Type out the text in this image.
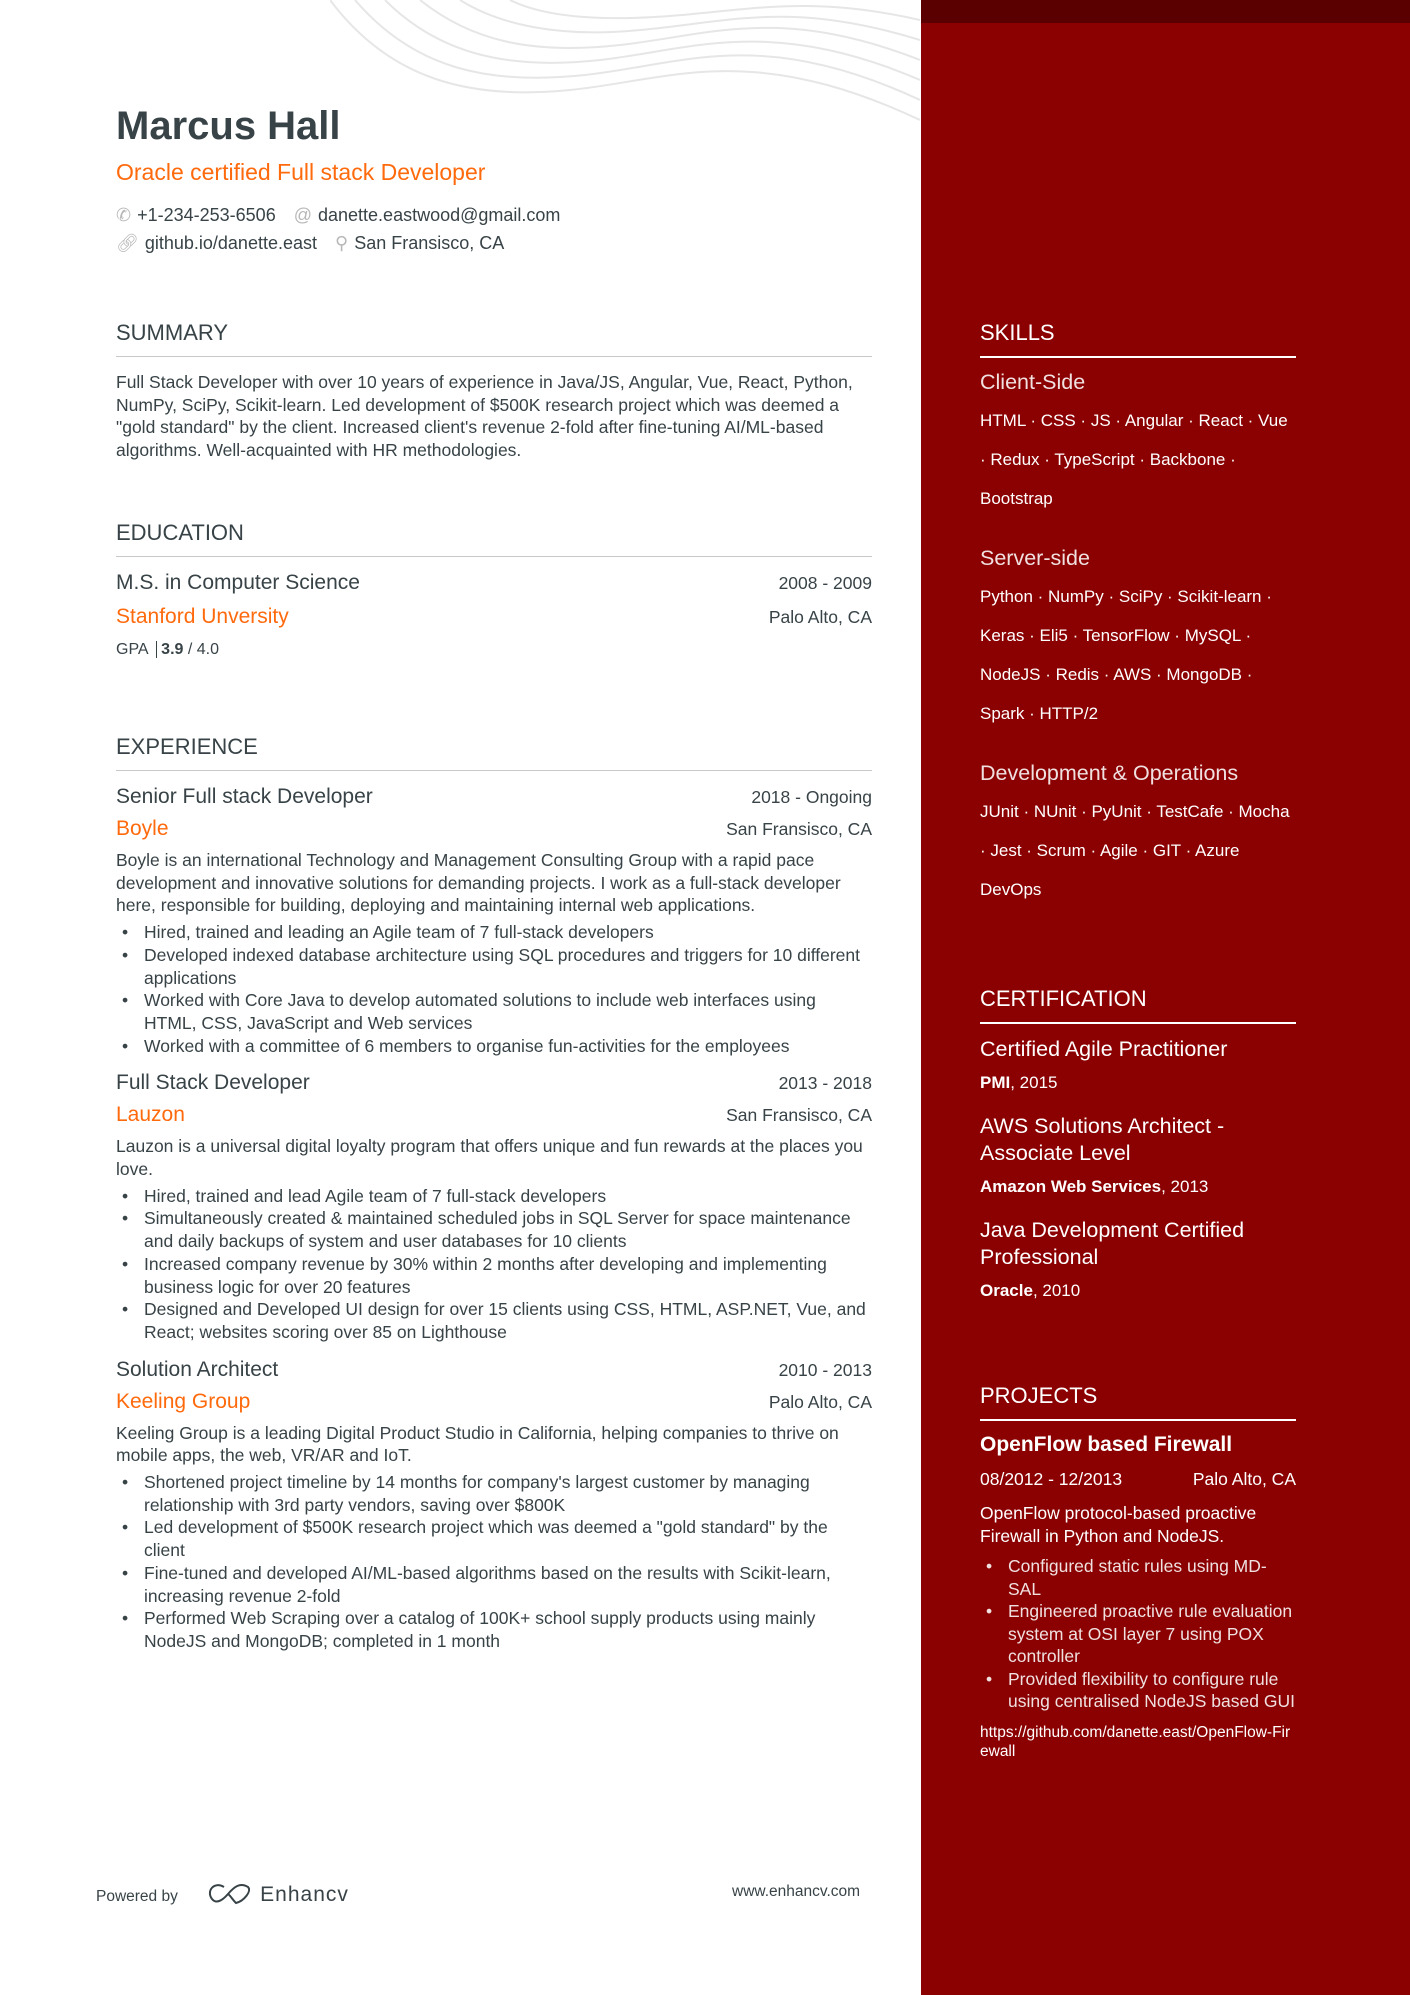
Marcus Hall
Oracle certified Full stack Developer
✆ +1-234-253-6506 @ danette.eastwood@gmail.com
🔗︎ github.io/danette.east ⚲ San Fransisco, CA
SUMMARY
Full Stack Developer with over 10 years of experience in Java/JS, Angular, Vue, React, Python, NumPy, SciPy, Scikit-learn. Led development of $500K research project which was deemed a "gold standard" by the client. Increased client's revenue 2-fold after fine-tuning AI/ML-based algorithms. Well-acquainted with HR methodologies.
EDUCATION
M.S. in Computer Science	2008 - 2009
Stanford Unversity	Palo Alto, CA
GPA 3.9 / 4.0
EXPERIENCE
Senior Full stack Developer	2018 - Ongoing
Boyle	San Fransisco, CA
Boyle is an international Technology and Management Consulting Group with a rapid pace development and innovative solutions for demanding projects. I work as a full-stack developer here, responsible for building, deploying and maintaining internal web applications.
• Hired, trained and leading an Agile team of 7 full-stack developers
• Developed indexed database architecture using SQL procedures and triggers for 10 different applications
• Worked with Core Java to develop automated solutions to include web interfaces using HTML, CSS, JavaScript and Web services
• Worked with a committee of 6 members to organise fun-activities for the employees
Full Stack Developer	2013 - 2018
Lauzon	San Fransisco, CA
Lauzon is a universal digital loyalty program that offers unique and fun rewards at the places you love.
• Hired, trained and lead Agile team of 7 full-stack developers
• Simultaneously created & maintained scheduled jobs in SQL Server for space maintenance and daily backups of system and user databases for 10 clients
• Increased company revenue by 30% within 2 months after developing and implementing business logic for over 20 features
• Designed and Developed UI design for over 15 clients using CSS, HTML, ASP.NET, Vue, and React; websites scoring over 85 on Lighthouse
Solution Architect	2010 - 2013
Keeling Group	Palo Alto, CA
Keeling Group is a leading Digital Product Studio in California, helping companies to thrive on mobile apps, the web, VR/AR and IoT.
• Shortened project timeline by 14 months for company's largest customer by managing relationship with 3rd party vendors, saving over $800K
• Led development of $500K research project which was deemed a "gold standard" by the client
• Fine-tuned and developed AI/ML-based algorithms based on the results with Scikit-learn, increasing revenue 2-fold
• Performed Web Scraping over a catalog of 100K+ school supply products using mainly NodeJS and MongoDB; completed in 1 month
Powered by	Enhancv	www.enhancv.com
SKILLS
Client-Side
HTML · CSS · JS · Angular · React · Vue · Redux · TypeScript · Backbone · Bootstrap
Server-side
Python · NumPy · SciPy · Scikit-learn · Keras · Eli5 · TensorFlow · MySQL · NodeJS · Redis · AWS · MongoDB · Spark · HTTP/2
Development & Operations
JUnit · NUnit · PyUnit · TestCafe · Mocha · Jest · Scrum · Agile · GIT · Azure DevOps
CERTIFICATION
Certified Agile Practitioner
PMI, 2015
AWS Solutions Architect - Associate Level
Amazon Web Services, 2013
Java Development Certified Professional
Oracle, 2010
PROJECTS
OpenFlow based Firewall
08/2012 - 12/2013	Palo Alto, CA
OpenFlow protocol-based proactive Firewall in Python and NodeJS.
• Configured static rules using MD-SAL
• Engineered proactive rule evaluation system at OSI layer 7 using POX controller
• Provided flexibility to configure rule using centralised NodeJS based GUI
https://github.com/danette.east/OpenFlow-Firewall
